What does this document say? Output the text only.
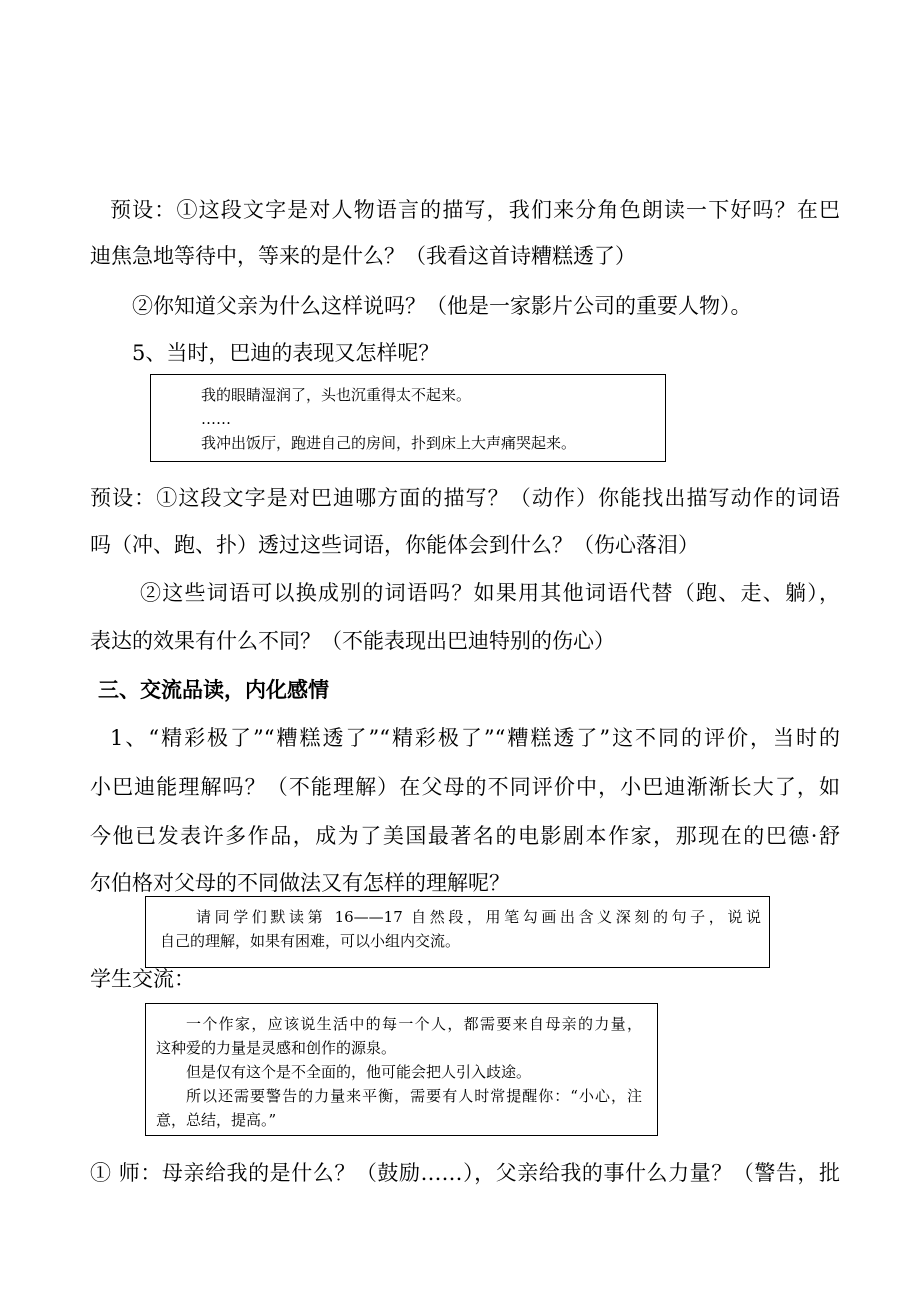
预设：①这段文字是对人物语言的描写，我们来分角色朗读一下好吗？在巴
迪焦急地等待中，等来的是什么？（我看这首诗糟糕透了）
②你知道父亲为什么这样说吗？（他是一家影片公司的重要人物）。
5、当时，巴迪的表现又怎样呢？
我的眼睛湿润了，头也沉重得太不起来。
……
我冲出饭厅，跑进自己的房间，扑到床上大声痛哭起来。
预设：①这段文字是对巴迪哪方面的描写？（动作）你能找出描写动作的词语
吗（冲、跑、扑）透过这些词语，你能体会到什么？（伤心落泪）
②这些词语可以换成别的词语吗？如果用其他词语代替（跑、走、躺），
表达的效果有什么不同？（不能表现出巴迪特别的伤心）
三、交流品读，内化感情
1、“精彩极了”“糟糕透了”“精彩极了”“糟糕透了”这不同的评价，当时的
小巴迪能理解吗？（不能理解）在父母的不同评价中，小巴迪渐渐长大了，如
今他已发表许多作品，成为了美国最著名的电影剧本作家，那现在的巴德·舒
尔伯格对父母的不同做法又有怎样的理解呢？
请同学们默读第 16——17 自然段，用笔勾画出含义深刻的句子，说说
自己的理解，如果有困难，可以小组内交流。
学生交流：
一个作家，应该说生活中的每一个人，都需要来自母亲的力量，
这种爱的力量是灵感和创作的源泉。
但是仅有这个是不全面的，他可能会把人引入歧途。
所以还需要警告的力量来平衡，需要有人时常提醒你：“小心，注
意，总结，提高。”
① 师：母亲给我的是什么？（鼓励……），父亲给我的事什么力量？（警告，批
